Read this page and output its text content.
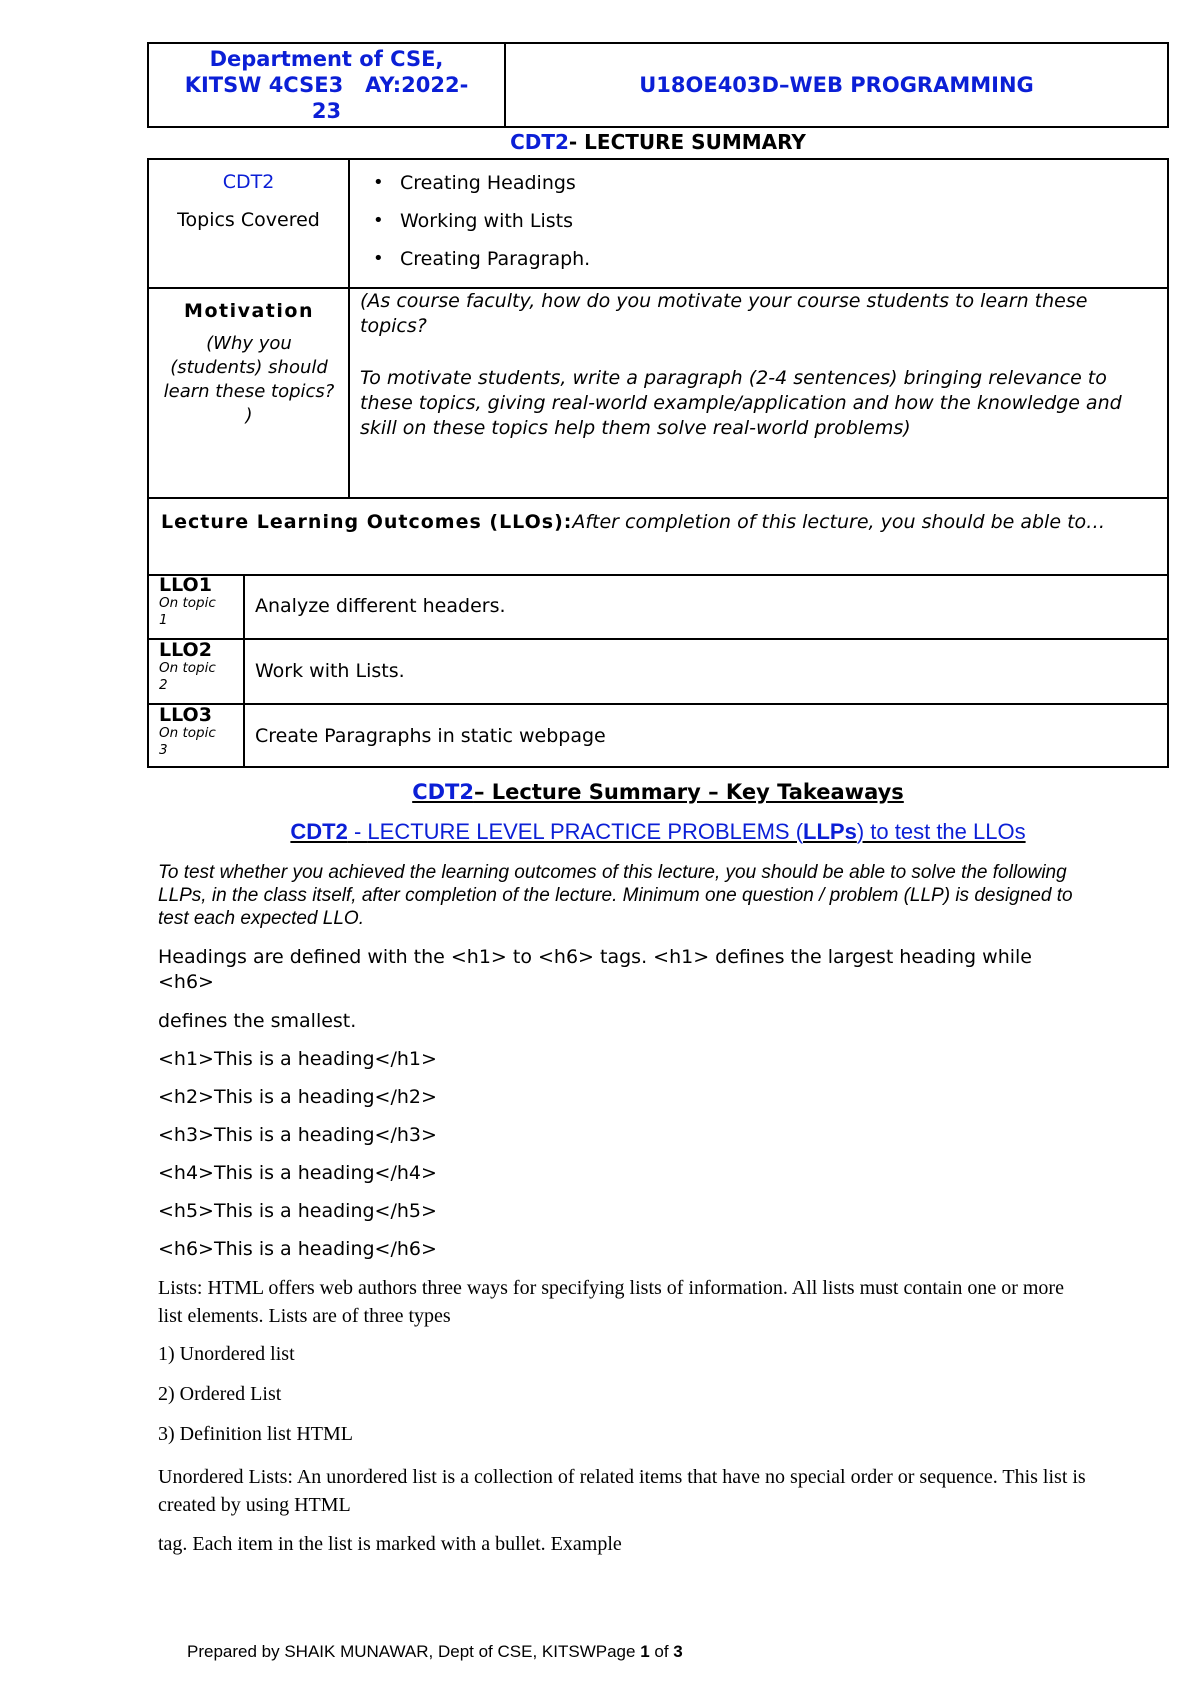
Department of CSE,
KITSW 4CSE3   AY:2022-
23
U18OE403D–WEB PROGRAMMING
CDT2- LECTURE SUMMARY
CDT2
Topics Covered
• Creating Headings
• Working with Lists
• Creating Paragraph.
Motivation
(Why you (students) should learn these topics? )
(As course faculty, how do you motivate your course students to learn these topics?
To motivate students, write a paragraph (2-4 sentences) bringing relevance to these topics, giving real-world example/application and how the knowledge and skill on these topics help them solve real-world problems)
Lecture Learning Outcomes (LLOs):After completion of this lecture, you should be able to…
LLO1
On topic
1
Analyze different headers.
LLO2
On topic
2
Work with Lists.
LLO3
On topic
3
Create Paragraphs in static webpage
CDT2– Lecture Summary – Key Takeaways
CDT2 - LECTURE LEVEL PRACTICE PROBLEMS (LLPs) to test the LLOs
To test whether you achieved the learning outcomes of this lecture, you should be able to solve the following LLPs, in the class itself, after completion of the lecture. Minimum one question / problem (LLP) is designed to test each expected LLO.
Headings are defined with the <h1> to <h6> tags. <h1> defines the largest heading while <h6>
defines the smallest.
<h1>This is a heading</h1>
<h2>This is a heading</h2>
<h3>This is a heading</h3>
<h4>This is a heading</h4>
<h5>This is a heading</h5>
<h6>This is a heading</h6>
Lists: HTML offers web authors three ways for specifying lists of information. All lists must contain one or more list elements. Lists are of three types
1) Unordered list
2) Ordered List
3) Definition list HTML
Unordered Lists: An unordered list is a collection of related items that have no special order or sequence. This list is created by using HTML
tag. Each item in the list is marked with a bullet. Example
Prepared by SHAIK MUNAWAR, Dept of CSE, KITSWPage 1 of 3
